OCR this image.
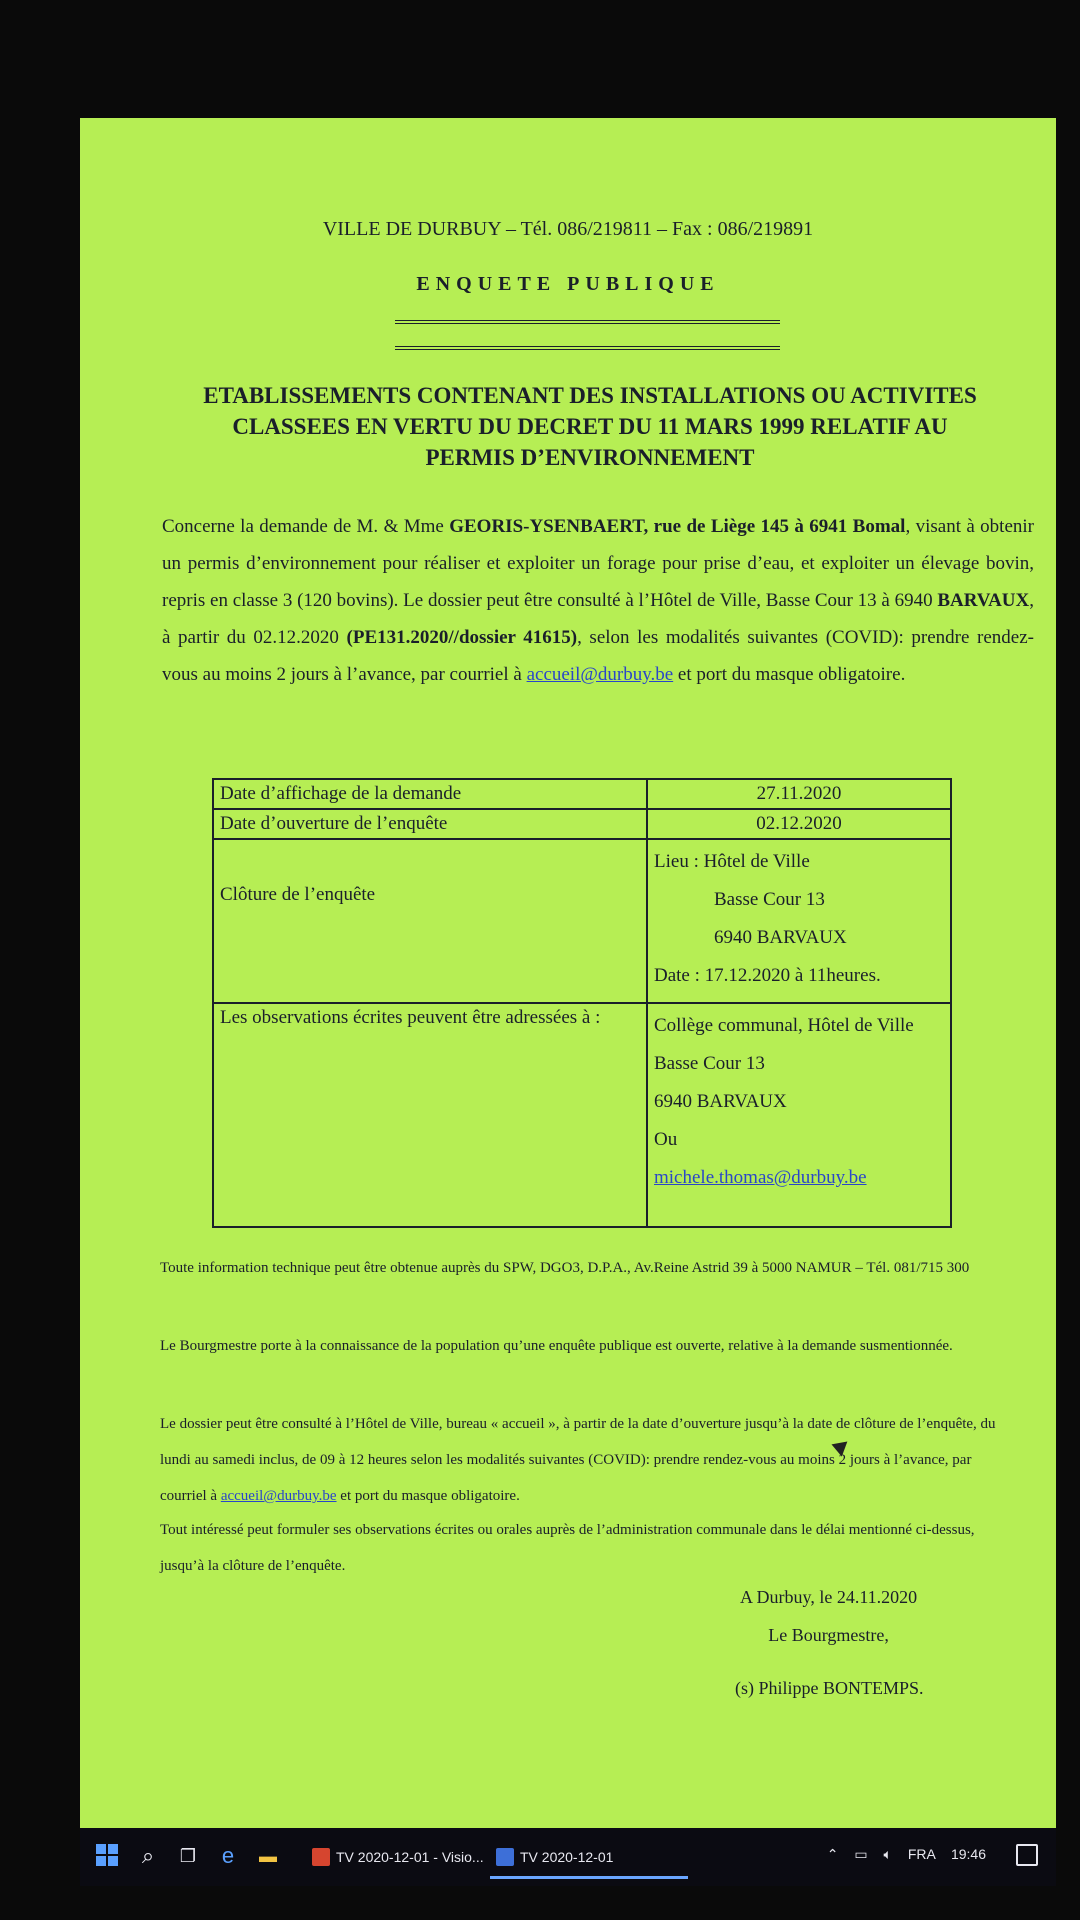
VILLE DE DURBUY – Tél. 086/219811 – Fax : 086/219891
ENQUETE PUBLIQUE
ETABLISSEMENTS CONTENANT DES INSTALLATIONS OU ACTIVITES
CLASSEES EN VERTU DU DECRET DU 11 MARS 1999 RELATIF AU
PERMIS D’ENVIRONNEMENT
Concerne la demande de M. & Mme GEORIS-YSENBAERT, rue de Liège 145 à 6941 Bomal, visant à obtenir un permis d’environnement pour réaliser et exploiter un forage pour prise d’eau, et exploiter un élevage bovin, repris en classe 3 (120 bovins). Le dossier peut être consulté à l’Hôtel de Ville, Basse Cour 13 à 6940 BARVAUX, à partir du 02.12.2020 (PE131.2020//dossier 41615), selon les modalités suivantes (COVID): prendre rendez-vous au moins 2 jours à l’avance, par courriel à accueil@durbuy.be et port du masque obligatoire.
Date d’affichage de la demande	27.11.2020
Date d’ouverture de l’enquête	02.12.2020
Clôture de l’enquête	Lieu : Hôtel de Ville
Basse Cour 13
6940 BARVAUX
Date : 17.12.2020 à 11heures.

Les observations écrites peuvent être adressées à :	Collège communal, Hôtel de Ville
Basse Cour 13
6940 BARVAUX
Ou
michele.thomas@durbuy.be
Toute information technique peut être obtenue auprès du SPW, DGO3, D.P.A., Av.Reine Astrid 39 à 5000 NAMUR – Tél. 081/715 300
Le Bourgmestre porte à la connaissance de la population qu’une enquête publique est ouverte, relative à la demande susmentionnée.
Le dossier peut être consulté à l’Hôtel de Ville, bureau « accueil », à partir de la date d’ouverture jusqu’à la date de clôture de l’enquête, du lundi au samedi inclus, de 09 à 12 heures selon les modalités suivantes (COVID): prendre rendez-vous au moins 2 jours à l’avance, par courriel à accueil@durbuy.be et port du masque obligatoire.
Tout intéressé peut formuler ses observations écrites ou orales auprès de l’administration communale dans le délai mentionné ci-dessus, jusqu’à la clôture de l’enquête.
A Durbuy, le 24.11.2020
Le Bourgmestre,
(s) Philippe BONTEMPS.
⌕	❐ e	▬	TV 2020-12-01 - Visio...	TV 2020-12-01	⌃ ▭ 🔈︎ FRA 19:46
